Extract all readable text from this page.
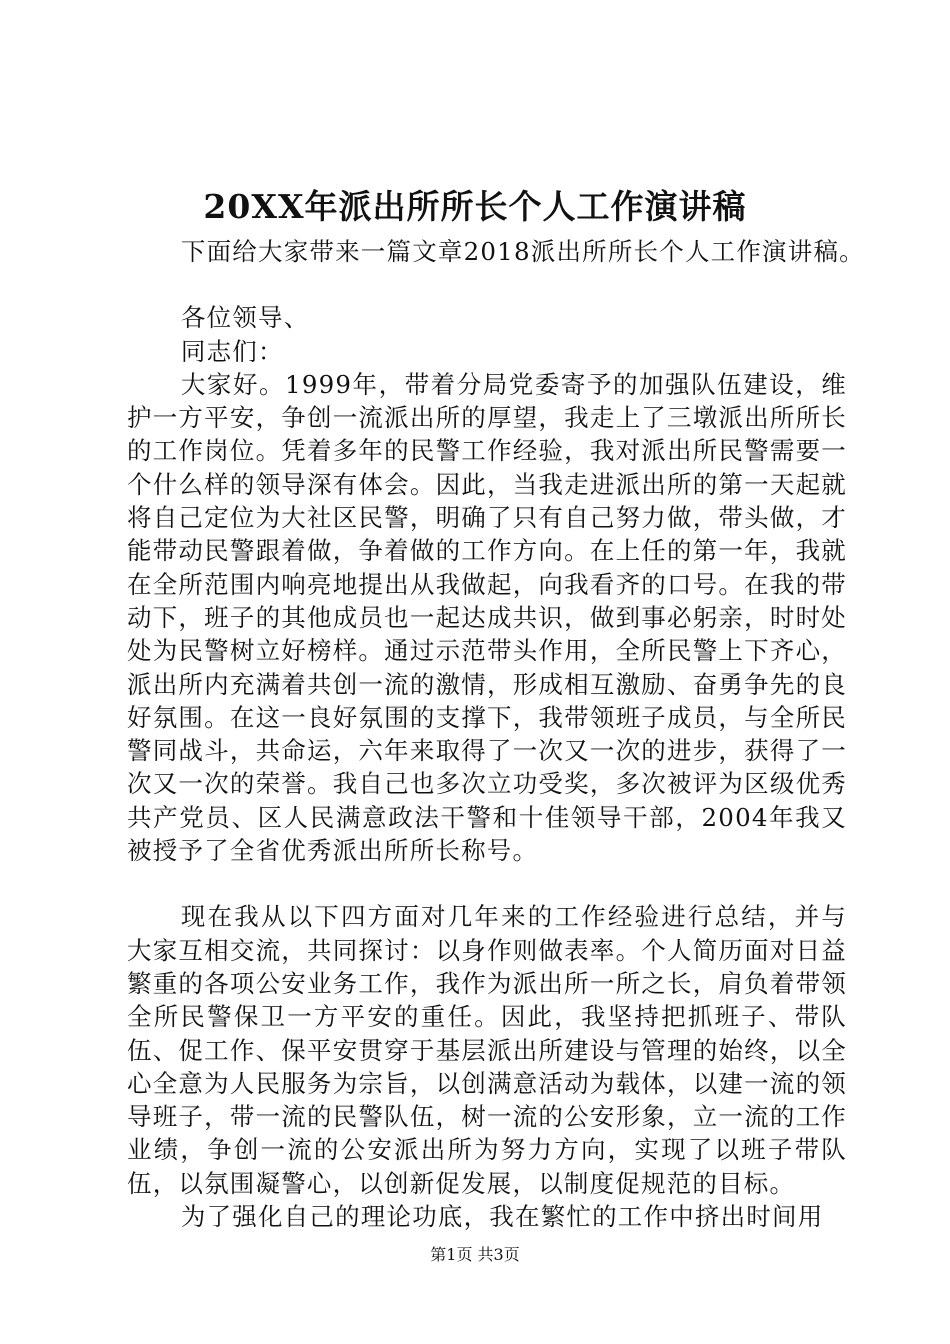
20XX年派出所所长个人工作演讲稿

下面给大家带来一篇文章2018派出所所长个人工作演讲稿。

各位领导、

同志们：

大家好。1999年，带着分局党委寄予的加强队伍建设，维护一方平安，争创一流派出所的厚望，我走上了三墩派出所所长的工作岗位。凭着多年的民警工作经验，我对派出所民警需要一个什么样的领导深有体会。因此，当我走进派出所的第一天起就将自己定位为大社区民警，明确了只有自己努力做，带头做，才能带动民警跟着做，争着做的工作方向。在上任的第一年，我就在全所范围内响亮地提出从我做起，向我看齐的口号。在我的带动下，班子的其他成员也一起达成共识，做到事必躬亲，时时处处为民警树立好榜样。通过示范带头作用，全所民警上下齐心，派出所内充满着共创一流的激情，形成相互激励、奋勇争先的良好氛围。在这一良好氛围的支撑下，我带领班子成员，与全所民警同战斗，共命运，六年来取得了一次又一次的进步，获得了一次又一次的荣誉。我自己也多次立功受奖，多次被评为区级优秀共产党员、区人民满意政法干警和十佳领导干部，2004年我又被授予了全省优秀派出所所长称号。

现在我从以下四方面对几年来的工作经验进行总结，并与大家互相交流，共同探讨：以身作则做表率。个人简历面对日益繁重的各项公安业务工作，我作为派出所一所之长，肩负着带领全所民警保卫一方平安的重任。因此，我坚持把抓班子、带队伍、促工作、保平安贯穿于基层派出所建设与管理的始终，以全心全意为人民服务为宗旨，以创满意活动为载体，以建一流的领导班子，带一流的民警队伍，树一流的公安形象，立一流的工作业绩，争创一流的公安派出所为努力方向，实现了以班子带队伍，以氛围凝警心，以创新促发展，以制度促规范的目标。

为了强化自己的理论功底，我在繁忙的工作中挤出时间用

第1页 共3页
